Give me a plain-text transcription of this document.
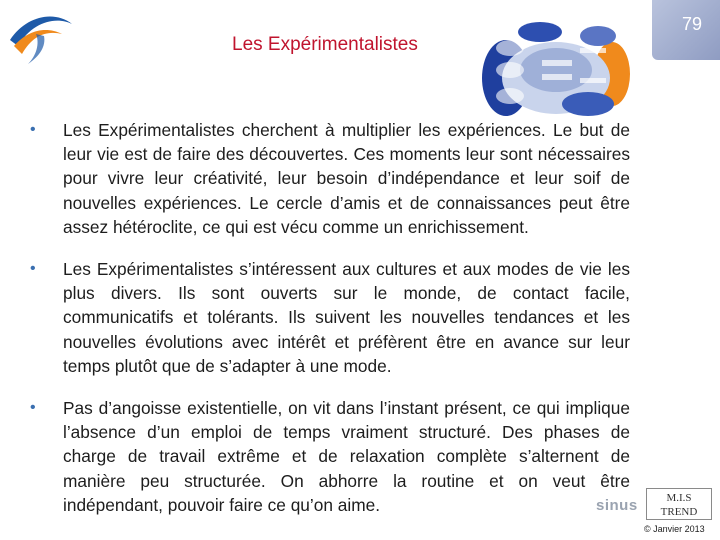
Les Expérimentalistes
79
• Les Expérimentalistes cherchent à multiplier les expériences. Le but de leur vie est de faire des découvertes. Ces moments leur sont nécessaires pour vivre leur créativité, leur besoin d’indépendance et leur soif de nouvelles expériences. Le cercle d’amis et de connaissances peut être assez hétéroclite, ce qui est vécu comme un enrichissement.
• Les Expérimentalistes s’intéressent aux cultures et aux modes de vie les plus divers. Ils sont ouverts sur le monde, de contact facile, communicatifs et tolérants. Ils suivent les nouvelles tendances et les nouvelles évolutions avec intérêt et préfèrent être en avance sur leur temps plutôt que de s’adapter à une mode.
• Pas d’angoisse existentielle, on vit dans l’instant présent, ce qui implique l’absence d’un emploi de temps vraiment structuré. Des phases de charge de travail extrême et de relaxation complète s’alternent de manière peu structurée. On abhorre la routine et on veut être indépendant, pouvoir faire ce qu’on aime.	sinus	M.I.S
TREND
© Janvier 2013
